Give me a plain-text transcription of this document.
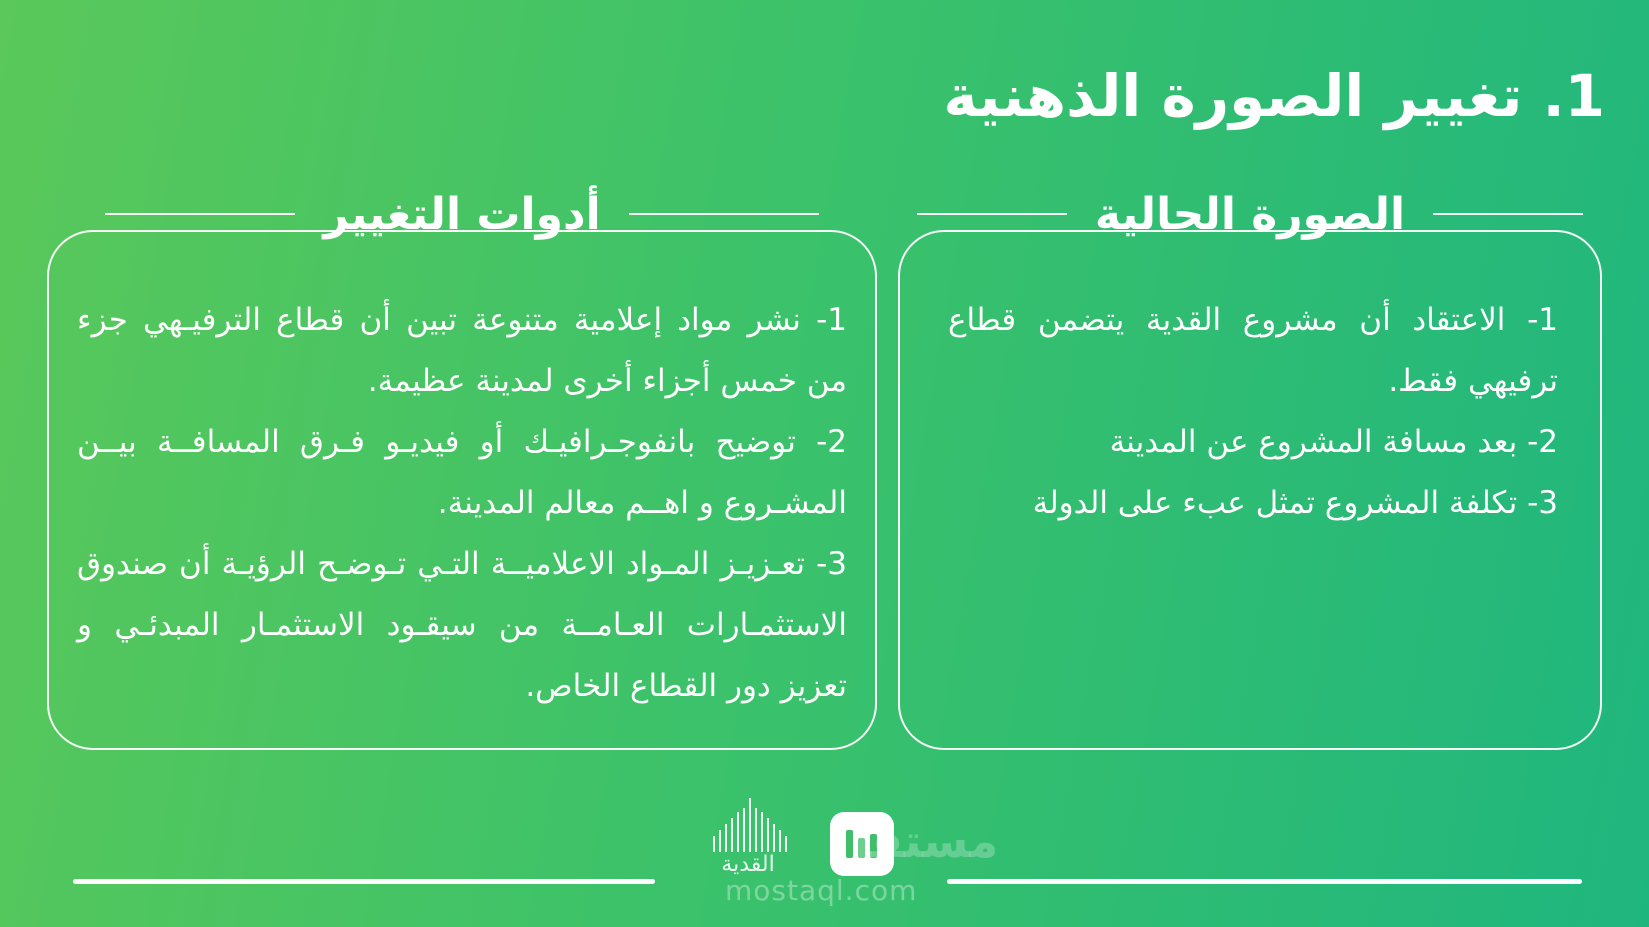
1. تغيير الصورة الذهنية
الصورة الحالية

1- الاعتقاد أن مشروع القدية يتضمن قطاع ترفيهي فقط.

2- بعد مسافة المشروع عن المدينة

3- تكلفة المشروع تمثل عبء على الدولة

أدوات التغيير

1- نشر مواد إعلامية متنوعة تبين أن قطاع الترفيـهي جزء من خمس أجزاء أخرى لمدينة عظيمة.

2- توضيح بانفوجـرافيـك أو فيديـو فـرق المسافــة بيــن المشـروع و اهــم معالم المدينة.

3- تعـزيـز المـواد الاعلاميــة التـي تـوضـح الرؤيـة أن صندوق الاستثمـارات العـامــة من سيقـود الاستثمـار المبدئـي و تعزيز دور القطاع الخاص.

القدية	مستقل
mostaql.com
